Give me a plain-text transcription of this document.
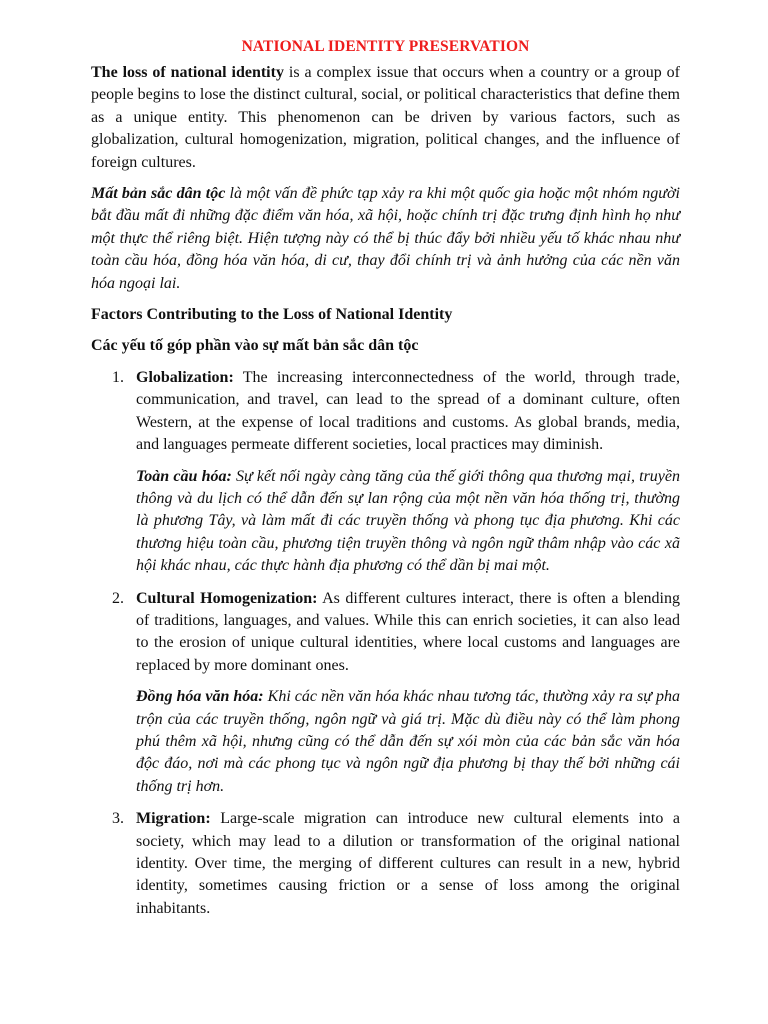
NATIONAL IDENTITY PRESERVATION

The loss of national identity is a complex issue that occurs when a country or a group of people begins to lose the distinct cultural, social, or political characteristics that define them as a unique entity. This phenomenon can be driven by various factors, such as globalization, cultural homogenization, migration, political changes, and the influence of foreign cultures.

Mất bản sắc dân tộc là một vấn đề phức tạp xảy ra khi một quốc gia hoặc một nhóm người bắt đầu mất đi những đặc điểm văn hóa, xã hội, hoặc chính trị đặc trưng định hình họ như một thực thể riêng biệt. Hiện tượng này có thể bị thúc đẩy bởi nhiều yếu tố khác nhau như toàn cầu hóa, đồng hóa văn hóa, di cư, thay đổi chính trị và ảnh hưởng của các nền văn hóa ngoại lai.

Factors Contributing to the Loss of National Identity
Các yếu tố góp phần vào sự mất bản sắc dân tộc
1. Globalization: The increasing interconnectedness of the world, through trade, communication, and travel, can lead to the spread of a dominant culture, often Western, at the expense of local traditions and customs. As global brands, media, and languages permeate different societies, local practices may diminish.

Toàn cầu hóa: Sự kết nối ngày càng tăng của thế giới thông qua thương mại, truyền thông và du lịch có thể dẫn đến sự lan rộng của một nền văn hóa thống trị, thường là phương Tây, và làm mất đi các truyền thống và phong tục địa phương. Khi các thương hiệu toàn cầu, phương tiện truyền thông và ngôn ngữ thâm nhập vào các xã hội khác nhau, các thực hành địa phương có thể dần bị mai một.

2. Cultural Homogenization: As different cultures interact, there is often a blending of traditions, languages, and values. While this can enrich societies, it can also lead to the erosion of unique cultural identities, where local customs and languages are replaced by more dominant ones.

Đồng hóa văn hóa: Khi các nền văn hóa khác nhau tương tác, thường xảy ra sự pha trộn của các truyền thống, ngôn ngữ và giá trị. Mặc dù điều này có thể làm phong phú thêm xã hội, nhưng cũng có thể dẫn đến sự xói mòn của các bản sắc văn hóa độc đáo, nơi mà các phong tục và ngôn ngữ địa phương bị thay thế bởi những cái thống trị hơn.

3. Migration: Large-scale migration can introduce new cultural elements into a society, which may lead to a dilution or transformation of the original national identity. Over time, the merging of different cultures can result in a new, hybrid identity, sometimes causing friction or a sense of loss among the original inhabitants.
